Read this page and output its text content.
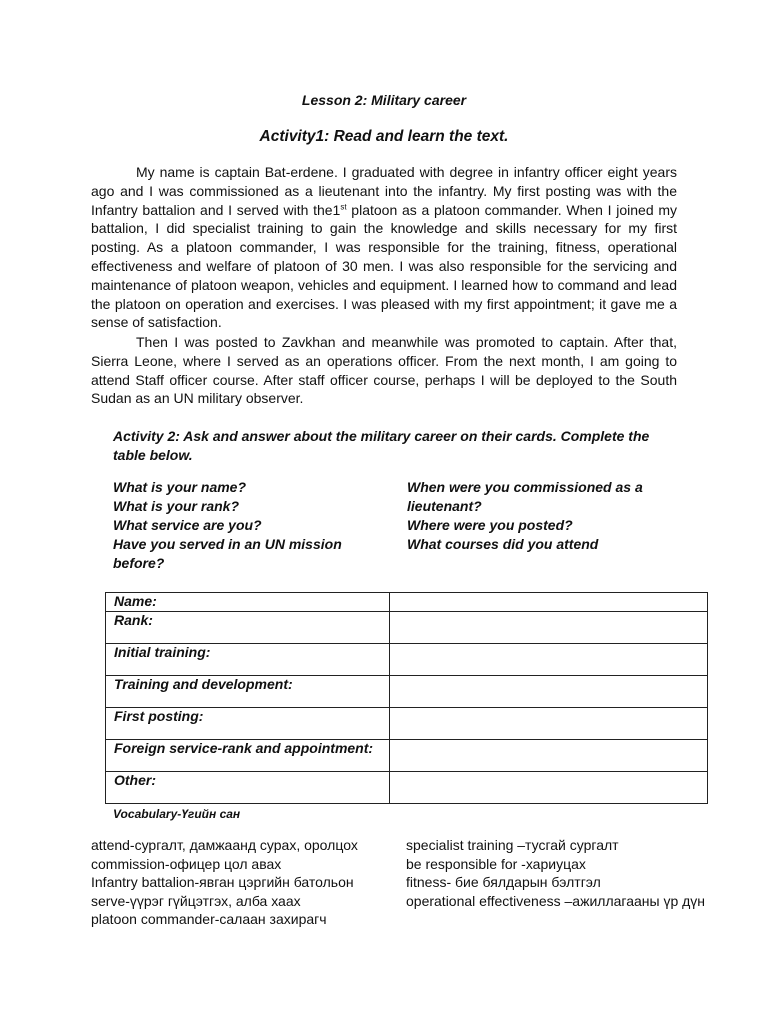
Lesson 2: Military career
Activity1: Read and learn the text.

My name is captain Bat-erdene. I graduated with degree in infantry officer eight years ago and I was commissioned as a lieutenant into the infantry. My first posting was with the Infantry battalion and I served with the1st platoon as a platoon commander. When I joined my battalion, I did specialist training to gain the knowledge and skills necessary for my first posting. As a platoon commander, I was responsible for the training, fitness, operational effectiveness and welfare of platoon of 30 men. I was also responsible for the servicing and maintenance of platoon weapon, vehicles and equipment. I learned how to command and lead the platoon on operation and exercises. I was pleased with my first appointment; it gave me a sense of satisfaction.

Then I was posted to Zavkhan and meanwhile was promoted to captain. After that, Sierra Leone, where I served as an operations officer. From the next month, I am going to attend Staff officer course. After staff officer course, perhaps I will be deployed to the South Sudan as an UN military observer.

Activity 2: Ask and answer about the military career on their cards. Complete the table below.
What is your name?
What is your rank?
What service are you?
Have you served in an UN mission before?
When were you commissioned as a lieutenant?
Where were you posted?
What courses did you attend
Name:	
Rank:	
Initial training:	
Training and development:	
First posting:	
Foreign service-rank and appointment:	
Other:	
Vocabulary-Үгийн сан
attend-сургалт, дамжаанд сурах, оролцох
commission-офицер цол авах
Infantry battalion-явган цэргийн батольон
serve-үүрэг гүйцэтгэх, алба хаах
platoon commander-салаан захирагч
specialist training –тусгай сургалт
be responsible for -хариуцах
fitness- бие бялдарын бэлтгэл
operational effectiveness –ажиллагааны үр дүн
